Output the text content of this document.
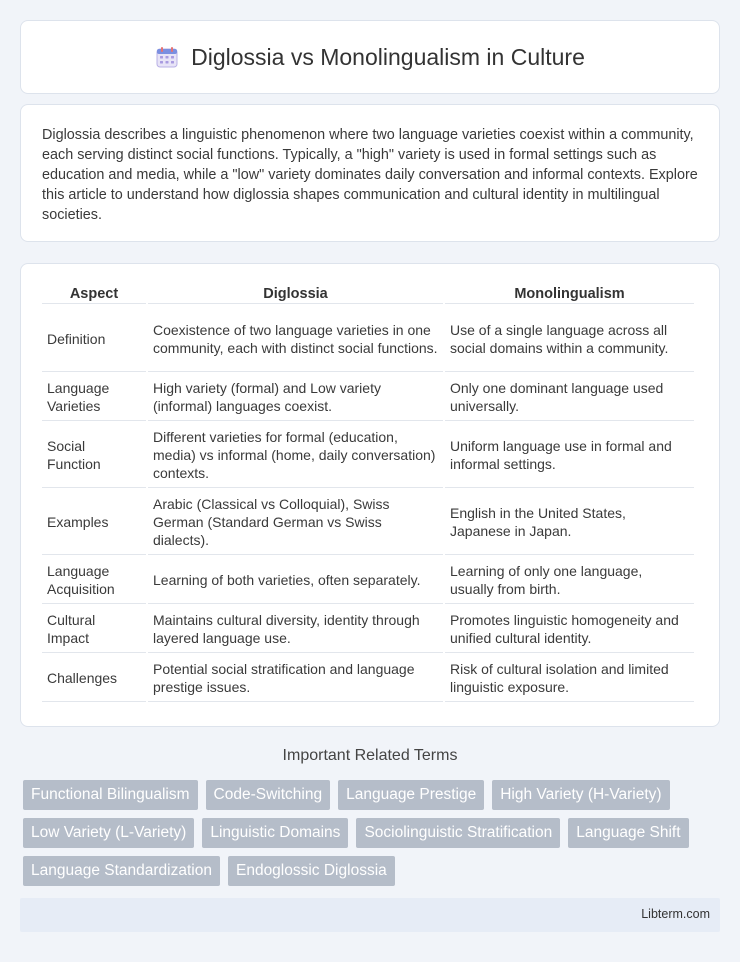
Diglossia vs Monolingualism in Culture

Diglossia describes a linguistic phenomenon where two language varieties coexist within a community, each serving distinct social functions. Typically, a "high" variety is used in formal settings such as education and media, while a "low" variety dominates daily conversation and informal contexts. Explore this article to understand how diglossia shapes communication and cultural identity in multilingual societies.

Aspect	Diglossia	Monolingualism
Definition	Coexistence of two language varieties in one community, each with distinct social functions.	Use of a single language across all social domains within a community.
Language Varieties	High variety (formal) and Low variety (informal) languages coexist.	Only one dominant language used universally.
Social Function	Different varieties for formal (education, media) vs informal (home, daily conversation) contexts.	Uniform language use in formal and informal settings.
Examples	Arabic (Classical vs Colloquial), Swiss German (Standard German vs Swiss dialects).	English in the United States, Japanese in Japan.
Language Acquisition	Learning of both varieties, often separately.	Learning of only one language, usually from birth.
Cultural Impact	Maintains cultural diversity, identity through layered language use.	Promotes linguistic homogeneity and unified cultural identity.
Challenges	Potential social stratification and language prestige issues.	Risk of cultural isolation and limited linguistic exposure.
Important Related Terms
Functional Bilingualism	Code-Switching	Language Prestige	High Variety (H-Variety)
Low Variety (L-Variety)	Linguistic Domains	Sociolinguistic Stratification	Language Shift
Language Standardization	Endoglossic Diglossia
Libterm.com
